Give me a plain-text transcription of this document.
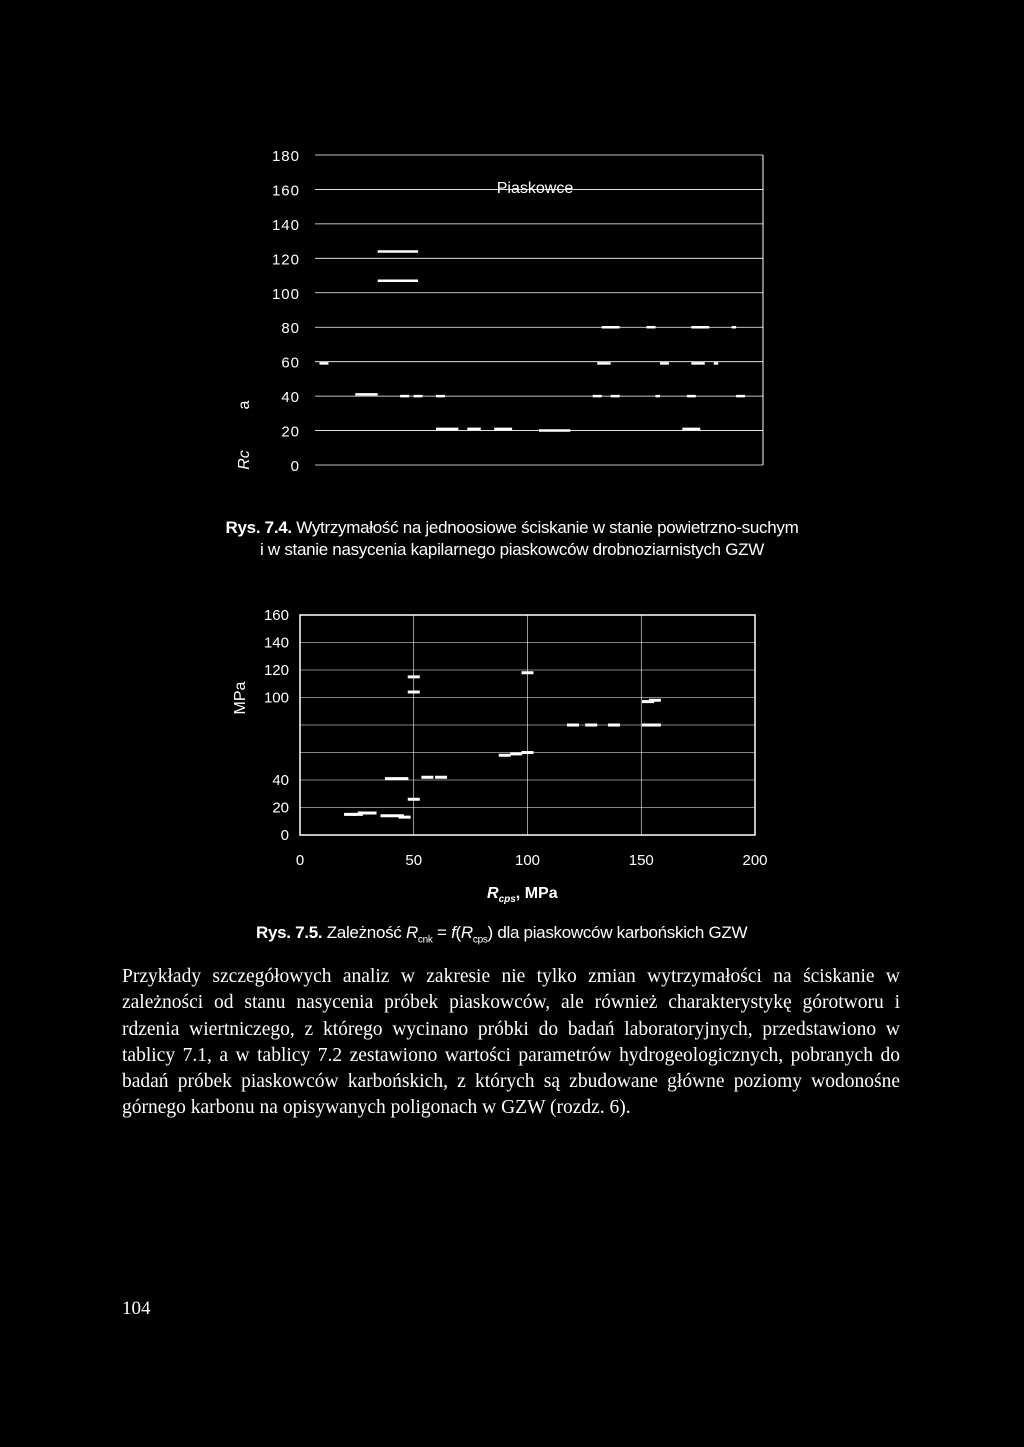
0
20
40
60
80
100
120
140
160
180
Rc
a
Piaskowce
Rys. 7.4. Wytrzymałość na jednoosiowe ściskanie w stanie powietrzno-suchym
i w stanie nasycenia kapilarnego piaskowców drobnoziarnistych GZW
0
20
40
100
120
140
160
0	50	100	150	200
MPa
$R_{cps}$, MPa
Rys. 7.5. Zależność $R_{cnk} = f(R_{cps})$ dla piaskowców karbońskich GZW
Przykłady szczegółowych analiz w zakresie nie tylko zmian wytrzymałości na ściskanie w zależności od stanu nasycenia próbek piaskowców, ale również charakterystykę górotworu i rdzenia wiertniczego, z którego wycinano próbki do badań laboratoryjnych, przedstawiono w tablicy 7.1, a w tablicy 7.2 zestawiono wartości parametrów hydrogeologicznych, pobranych do badań próbek piaskowców karbońskich, z których są zbudowane główne poziomy wodonośne górnego karbonu na opisywanych poligonach w GZW (rozdz. 6).
104
